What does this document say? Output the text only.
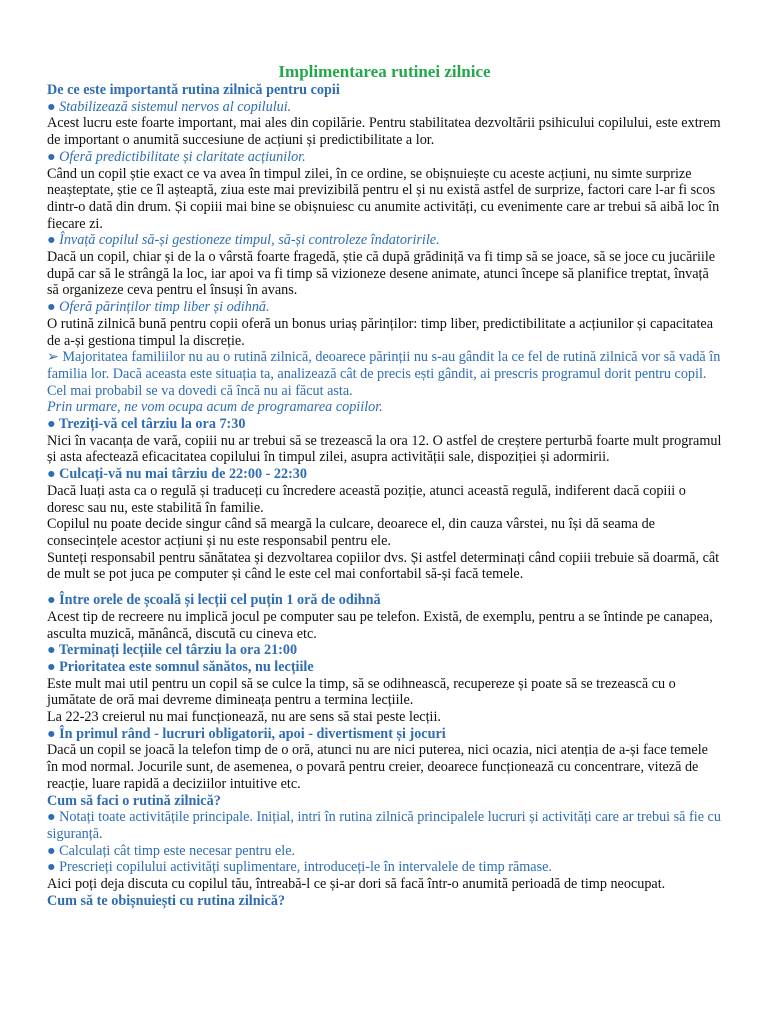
Implimentarea rutinei zilnice

De ce este importantă rutina zilnică pentru copii

● Stabilizează sistemul nervos al copilului.

Acest lucru este foarte important, mai ales din copilărie. Pentru stabilitatea dezvoltării psihicului copilului, este extrem de important o anumită succesiune de acțiuni și predictibilitate a lor.

● Oferă predictibilitate și claritate acțiunilor.

Când un copil știe exact ce va avea în timpul zilei, în ce ordine, se obișnuiește cu aceste acțiuni, nu simte surprize neașteptate, știe ce îl așteaptă, ziua este mai previzibilă pentru el și nu există astfel de surprize, factori care l-ar fi scos dintr-o dată din drum. Și copiii mai bine se obișnuiesc cu anumite activități, cu evenimente care ar trebui să aibă loc în fiecare zi.

● Învață copilul să-și gestioneze timpul, să-și controleze îndatoririle.

Dacă un copil, chiar și de la o vârstă foarte fragedă, știe că după grădiniță va fi timp să se joace, să se joce cu jucăriile după car să le strângă la loc, iar apoi va fi timp să vizioneze desene animate, atunci începe să planifice treptat, învață să organizeze ceva pentru el însuși în avans.

● Oferă părinților timp liber și odihnă.

O rutină zilnică bună pentru copii oferă un bonus uriaș părinților: timp liber, predictibilitate a acțiunilor și capacitatea de a-și gestiona timpul la discreție.

➢ Majoritatea familiilor nu au o rutină zilnică, deoarece părinții nu s-au gândit la ce fel de rutină zilnică vor să vadă în familia lor. Dacă aceasta este situația ta, analizează cât de precis ești gândit, ai prescris programul dorit pentru copil. Cel mai probabil se va dovedi că încă nu ai făcut asta.

Prin urmare, ne vom ocupa acum de programarea copiilor.

● Treziți-vă cel târziu la ora 7:30

Nici în vacanța de vară, copiii nu ar trebui să se trezească la ora 12. O astfel de creștere perturbă foarte mult programul și asta afectează eficacitatea copilului în timpul zilei, asupra activității sale, dispoziției și adormirii.

● Culcați-vă nu mai târziu de 22:00 - 22:30

Dacă luați asta ca o regulă și traduceți cu încredere această poziție, atunci această regulă, indiferent dacă copiii o doresc sau nu, este stabilită în familie.

Copilul nu poate decide singur când să meargă la culcare, deoarece el, din cauza vârstei, nu își dă seama de consecințele acestor acțiuni și nu este responsabil pentru ele.

Sunteți responsabil pentru sănătatea și dezvoltarea copiilor dvs. Și astfel determinați când copiii trebuie să doarmă, cât de mult se pot juca pe computer și când le este cel mai confortabil să-și facă temele.

● Între orele de școală și lecții cel puțin 1 oră de odihnă

Acest tip de recreere nu implică jocul pe computer sau pe telefon. Există, de exemplu, pentru a se întinde pe canapea, asculta muzică, mănâncă, discută cu cineva etc.

● Terminați lecțiile cel târziu la ora 21:00

● Prioritatea este somnul sănătos, nu lecțiile

Este mult mai util pentru un copil să se culce la timp, să se odihnească, recupereze și poate să se trezească cu o jumătate de oră mai devreme dimineața pentru a termina lecțiile.

La 22-23 creierul nu mai funcționează, nu are sens să stai peste lecții.

● În primul rând - lucruri obligatorii, apoi - divertisment și jocuri

Dacă un copil se joacă la telefon timp de o oră, atunci nu are nici puterea, nici ocazia, nici atenția de a-și face temele în mod normal. Jocurile sunt, de asemenea, o povară pentru creier, deoarece funcționează cu concentrare, viteză de reacție, luare rapidă a deciziilor intuitive etc.

Cum să faci o rutină zilnică?

● Notați toate activitățile principale. Inițial, intri în rutina zilnică principalele lucruri și activități care ar trebui să fie cu siguranță.

● Calculați cât timp este necesar pentru ele.

● Prescrieți copilului activități suplimentare, introduceți-le în intervalele de timp rămase.

Aici poți deja discuta cu copilul tău, întreabă-l ce și-ar dori să facă într-o anumită perioadă de timp neocupat.

Cum să te obișnuiești cu rutina zilnică?
